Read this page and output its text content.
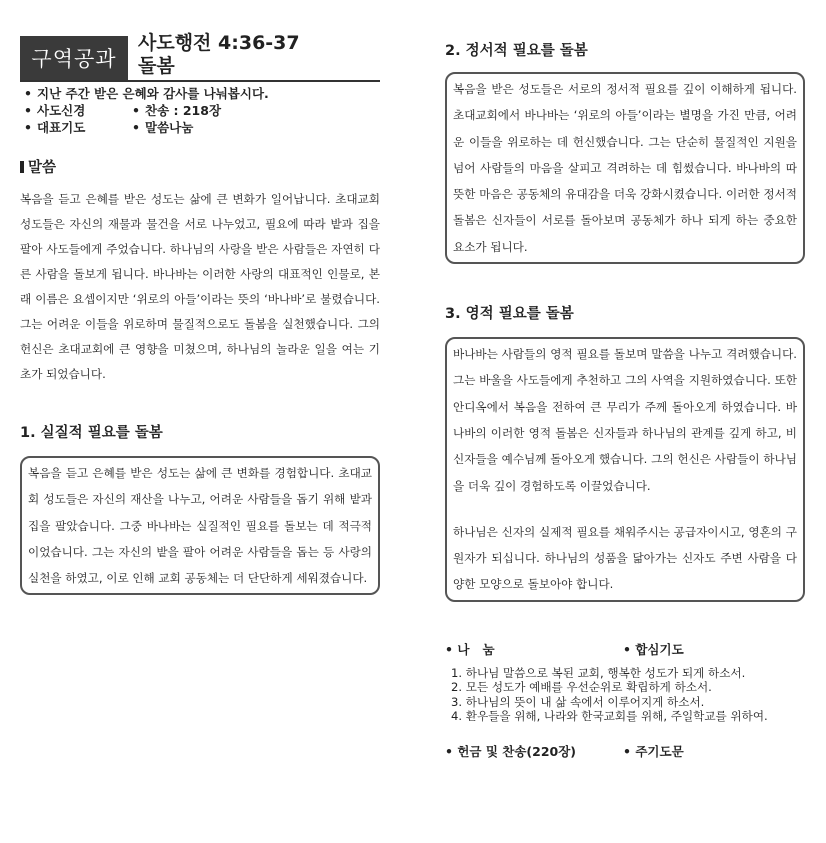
구역공과
사도행전 4:36-37
돌봄
• 지난 주간 받은 은혜와 감사를 나눠봅시다.
• 사도신경	• 찬송 : 218장
• 대표기도	• 말씀나눔
말씀

복음을 듣고 은혜를 받은 성도는 삶에 큰 변화가 일어납니다. 초대교회 성도들은 자신의 재물과 물건을 서로 나누었고, 필요에 따라 밭과 집을 팔아 사도들에게 주었습니다. 하나님의 사랑을 받은 사람들은 자연히 다른 사람을 돌보게 됩니다. 바나바는 이러한 사랑의 대표적인 인물로, 본래 이름은 요셉이지만 ‘위로의 아들’이라는 뜻의 ‘바나바’로 불렸습니다. 그는 어려운 이들을 위로하며 물질적으로도 돌봄을 실천했습니다. 그의 헌신은 초대교회에 큰 영향을 미쳤으며, 하나님의 놀라운 일을 여는 기초가 되었습니다.

1. 실질적 필요를 돌봄

복음을 듣고 은혜를 받은 성도는 삶에 큰 변화를 경험합니다. 초대교회 성도들은 자신의 재산을 나누고, 어려운 사람들을 돕기 위해 밭과 집을 팔았습니다. 그중 바나바는 실질적인 필요를 돌보는 데 적극적이었습니다. 그는 자신의 밭을 팔아 어려운 사람들을 돕는 등 사랑의 실천을 하였고, 이로 인해 교회 공동체는 더 단단하게 세워졌습니다.

2. 정서적 필요를 돌봄

복음을 받은 성도들은 서로의 정서적 필요를 깊이 이해하게 됩니다. 초대교회에서 바나바는 ‘위로의 아들’이라는 별명을 가진 만큼, 어려운 이들을 위로하는 데 헌신했습니다. 그는 단순히 물질적인 지원을 넘어 사람들의 마음을 살피고 격려하는 데 힘썼습니다. 바나바의 따뜻한 마음은 공동체의 유대감을 더욱 강화시켰습니다. 이러한 정서적 돌봄은 신자들이 서로를 돌아보며 공동체가 하나 되게 하는 중요한 요소가 됩니다.

3. 영적 필요를 돌봄

바나바는 사람들의 영적 필요를 돌보며 말씀을 나누고 격려했습니다. 그는 바울을 사도들에게 추천하고 그의 사역을 지원하였습니다. 또한 안디옥에서 복음을 전하여 큰 무리가 주께 돌아오게 하였습니다. 바나바의 이러한 영적 돌봄은 신자들과 하나님의 관계를 깊게 하고, 비신자들을 예수님께 돌아오게 했습니다. 그의 헌신은 사람들이 하나님을 더욱 깊이 경험하도록 이끌었습니다.

하나님은 신자의 실제적 필요를 채워주시는 공급자이시고, 영혼의 구원자가 되십니다. 하나님의 성품을 닮아가는 신자도 주변 사람을 다양한 모양으로 돌보아야 합니다.

• 나   눔	• 합심기도
1. 하나님 말씀으로 복된 교회, 행복한 성도가 되게 하소서.
2. 모든 성도가 예배를 우선순위로 확립하게 하소서.
3. 하나님의 뜻이 내 삶 속에서 이루어지게 하소서.
4. 환우들을 위해, 나라와 한국교회를 위해, 주일학교를 위하여.
• 헌금 및 찬송(220장)	• 주기도문
